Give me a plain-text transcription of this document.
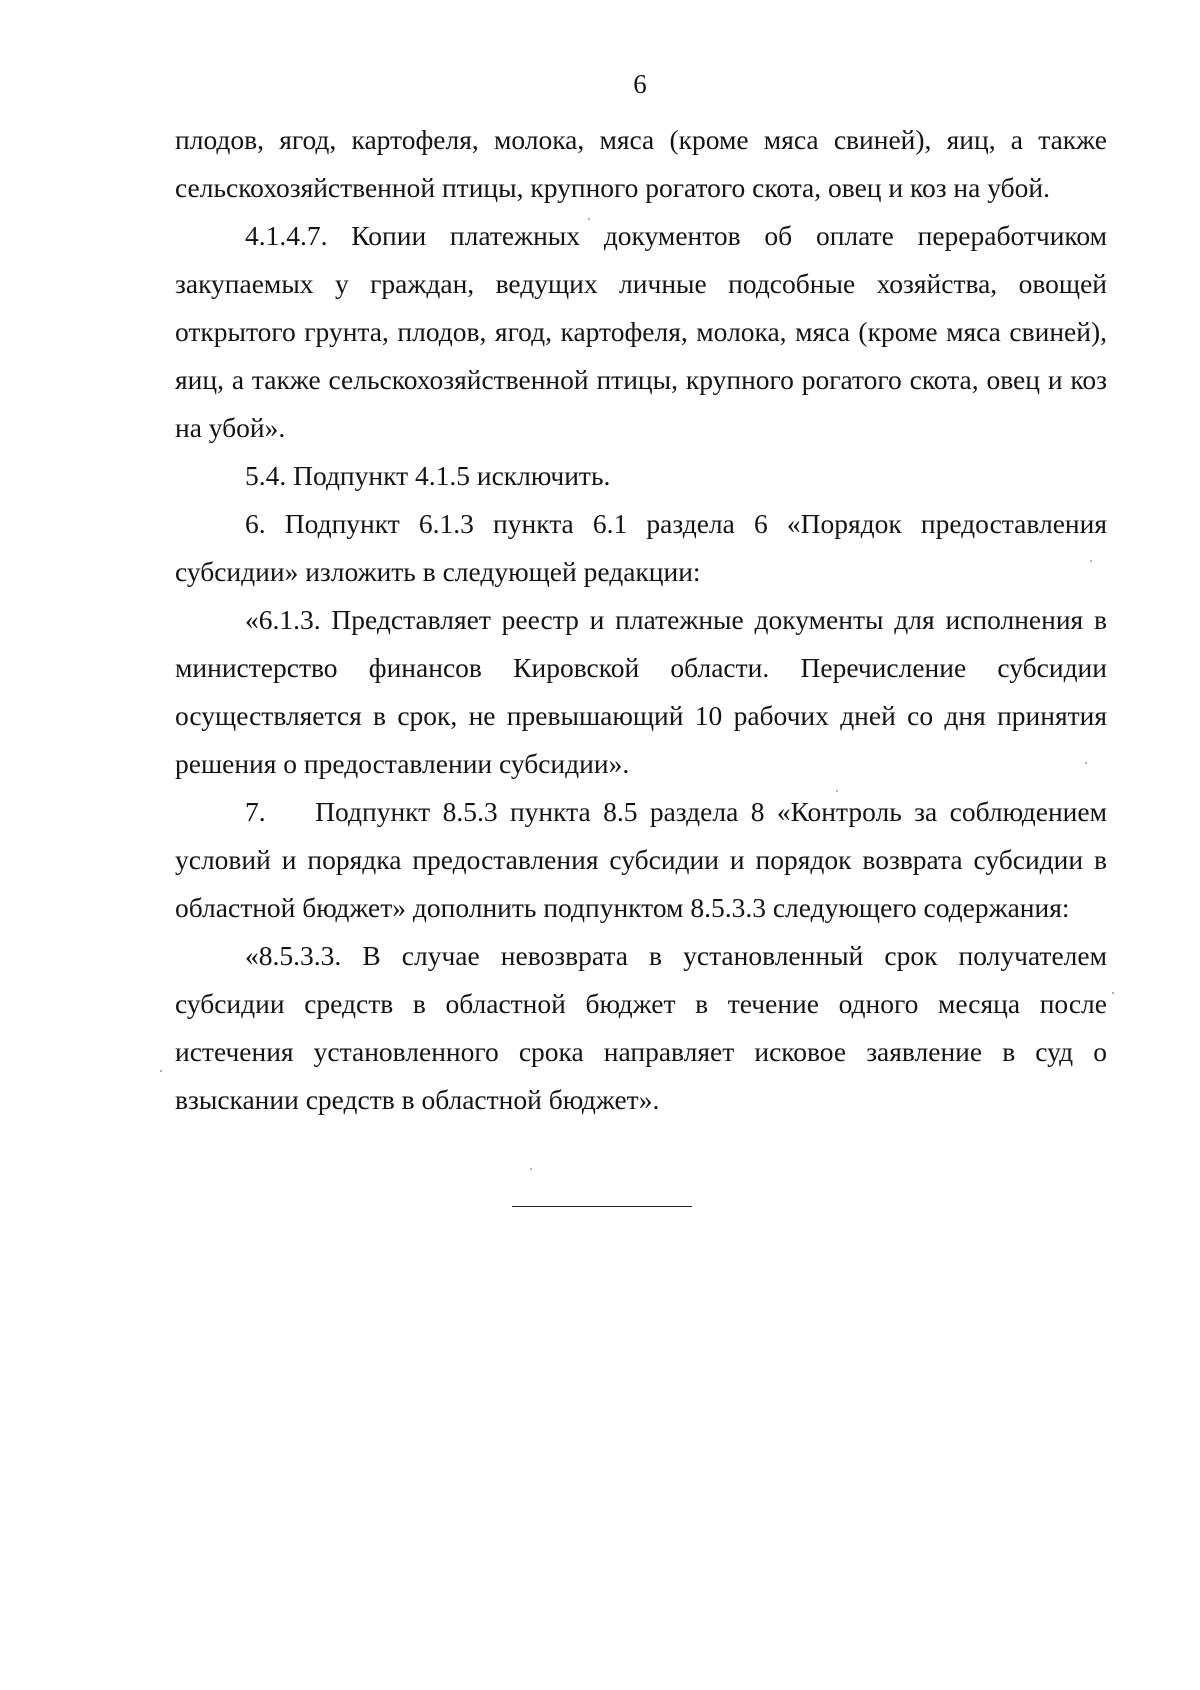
6

плодов, ягод, картофеля, молока, мяса (кроме мяса свиней), яиц, а также сельскохозяйственной птицы, крупного рогатого скота, овец и коз на убой.

4.1.4.7. Копии платежных документов об оплате переработчиком закупаемых у граждан, ведущих личные подсобные хозяйства, овощей открытого грунта, плодов, ягод, картофеля, молока, мяса (кроме мяса свиней), яиц, а также сельскохозяйственной птицы, крупного рогатого скота, овец и коз на убой».

5.4. Подпункт 4.1.5 исключить.

6. Подпункт 6.1.3 пункта 6.1 раздела 6 «Порядок предоставления субсидии» изложить в следующей редакции:

«6.1.3. Представляет реестр и платежные документы для исполнения в министерство финансов Кировской области. Перечисление субсидии осуществляется в срок, не превышающий 10 рабочих дней со дня принятия решения о предоставлении субсидии».

7.    Подпункт 8.5.3 пункта 8.5 раздела 8 «Контроль за соблюдением условий и порядка предоставления субсидии и порядок возврата субсидии в областной бюджет» дополнить подпунктом 8.5.3.3 следующего содержания:

«8.5.3.3. В случае невозврата в установленный срок получателем субсидии средств в областной бюджет в течение одного месяца после истечения установленного срока направляет исковое заявление в суд о взыскании средств в областной бюджет».
